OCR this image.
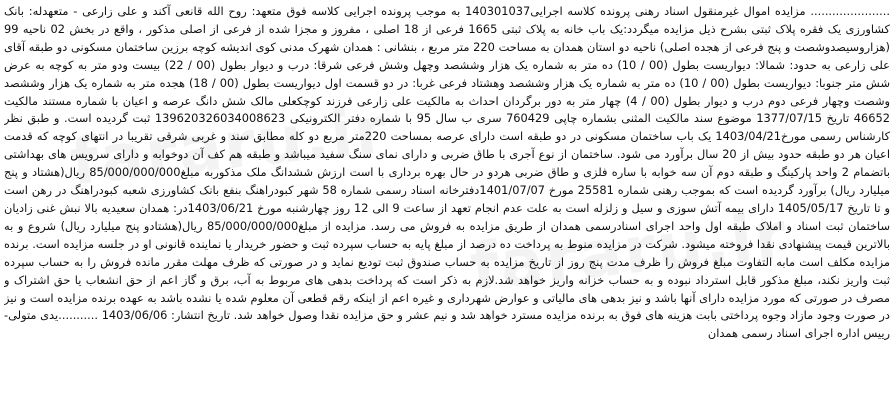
...................... مزایده اموال غیرمنقول اسناد رهنی پرونده کلاسه اجرایی140301037 به موجب پرونده اجرایی کلاسه فوق متعهد: روح الله قانعی آکند و علی زارعی - متعهدله: بانک کشاورزی یک فقره پلاک ثبتی بشرح ذیل مزایده میگردد:یک باب خانه به پلاک ثبتی 1665 فرعی از 18 اصلی ، مفروز و مجزا شده از فرعی از اصلی مذکور ، واقع در بخش 02 ناحیه 99 (هزاروسیصدوشصت و پنج فرعی از هجده اصلی) ناحیه دو استان همدان به مساحت 220 متر مربع ، بنشانی : همدان شهرک مدنی کوی اندیشه کوچه برزین ساختمان مسکونی دو طبقه آقای علی زارعی به حدود: شمالا: دیواریست بطول (00 / 10) ده متر به شماره یک هزار وششصد وچهل وشش فرعی شرقا: درب و دیوار بطول (00 / 22) بیست ودو متر به کوچه به عرض شش متر جنوبا: دیواریست بطول (00 / 10) ده متر به شماره یک هزار وششصد وهشتاد فرعی غربا: در دو قسمت اول دیواریست بطول (00 / 18) هجده متر به شماره یک هزار وششصد وشصت وچهار فرعی دوم درب و دیوار بطول (00 / 4) چهار متر به دور برگردان احداث به مالکیت علی زارعی فرزند کوچکعلی مالک شش دانگ عرصه و اعیان با شماره مستند مالکیت 46652 تاریخ 1377/07/15 موضوع سند مالکیت المثنی بشماره چاپی 760429 سری ب سال 95 با شماره دفتر الکترونیکی 139620326034008623 ثبت گردیده است. و طبق نظر کارشناس رسمی مورخ1403/04/21 یک باب ساختمان مسکونی در دو طبقه است دارای عرصه بمساحت 220متر مربع دو کله مطابق سند و غربی شرقی تقریبا در انتهای کوچه که قدمت اعیان هر دو طبقه حدود بیش از 20 سال برآورد می شود. ساختمان از نوع آجری با طاق ضربی و دارای نمای سنگ سفید میباشد و طبقه هم کف آن دوخوابه و دارای سرویس های بهداشتی باتضمام 2 واحد پارکینگ و طبقه دوم آن سه خوابه با ساره فلزی و طاق ضربی هردو در حال بهره برداری با است ارزش ششدانگ ملک مذکوربه مبلغ85/000/000/000 ریال(هشتاد و پنج میلیارد ریال) برآورد گردیده است که بموجب رهنی شماره 25581 مورخ 1401/07/07دفترخانه اسناد رسمی شماره 58 شهر کبودراهنگ بنفع بانک کشاورزی شعبه کبودراهنگ در رهن است و تا تاریخ 1405/05/17 دارای بیمه آتش سوزی و سیل و زلزله است به علت عدم انجام تعهد از ساعت 9 الی 12 روز چهارشنبه مورخ 1403/06/21در: همدان سعیدیه بالا نبش غنی زادیان ساختمان ثبت اسناد و املاک طبقه اول واحد اجرای اسنادرسمی همدان از طریق مزایده به فروش می رسد. مزایده از مبلغ85/000/000/000 ریال(هشتادو پنج میلیارد ریال) شروع و به بالاترین قیمت پیشنهادی نقدا فروخته میشود. شرکت در مزایده منوط به پرداخت ده درصد از مبلغ پایه به حساب سپرده ثبت و حضور خریدار یا نماینده قانونی او در جلسه مزایده است. برنده مزایده مکلف است مابه التفاوت مبلغ فروش را ظرف مدت پنج روز از تاریخ مزایده به حساب صندوق ثبت تودیع نماید و در صورتی که ظرف مهلت مقرر مانده فروش را به حساب سپرده ثبت واریز نکند، مبلغ مذکور قابل استرداد نبوده و به حساب خزانه واریز خواهد شد.لازم به ذکر است که پرداخت بدهی های مربوط به آب، برق و گاز اعم از حق انشعاب یا حق اشتراک و مصرف در صورتی که مورد مزایده دارای آنها باشد و نیز بدهی های مالیاتی و عوارض شهرداری و غیره اعم از اینکه رقم قطعی آن معلوم شده یا نشده باشد به عهده برنده مزایده است و نیز در صورت وجود مازاد وجوه پرداختی بابت هزینه های فوق به برنده مزایده مسترد خواهد شد و نیم عشر و حق مزایده نقدا وصول خواهد شد. تاریخ انتشار: 1403/06/06 ...........یدی متولی- رییس اداره اجرای اسناد رسمی همدان
